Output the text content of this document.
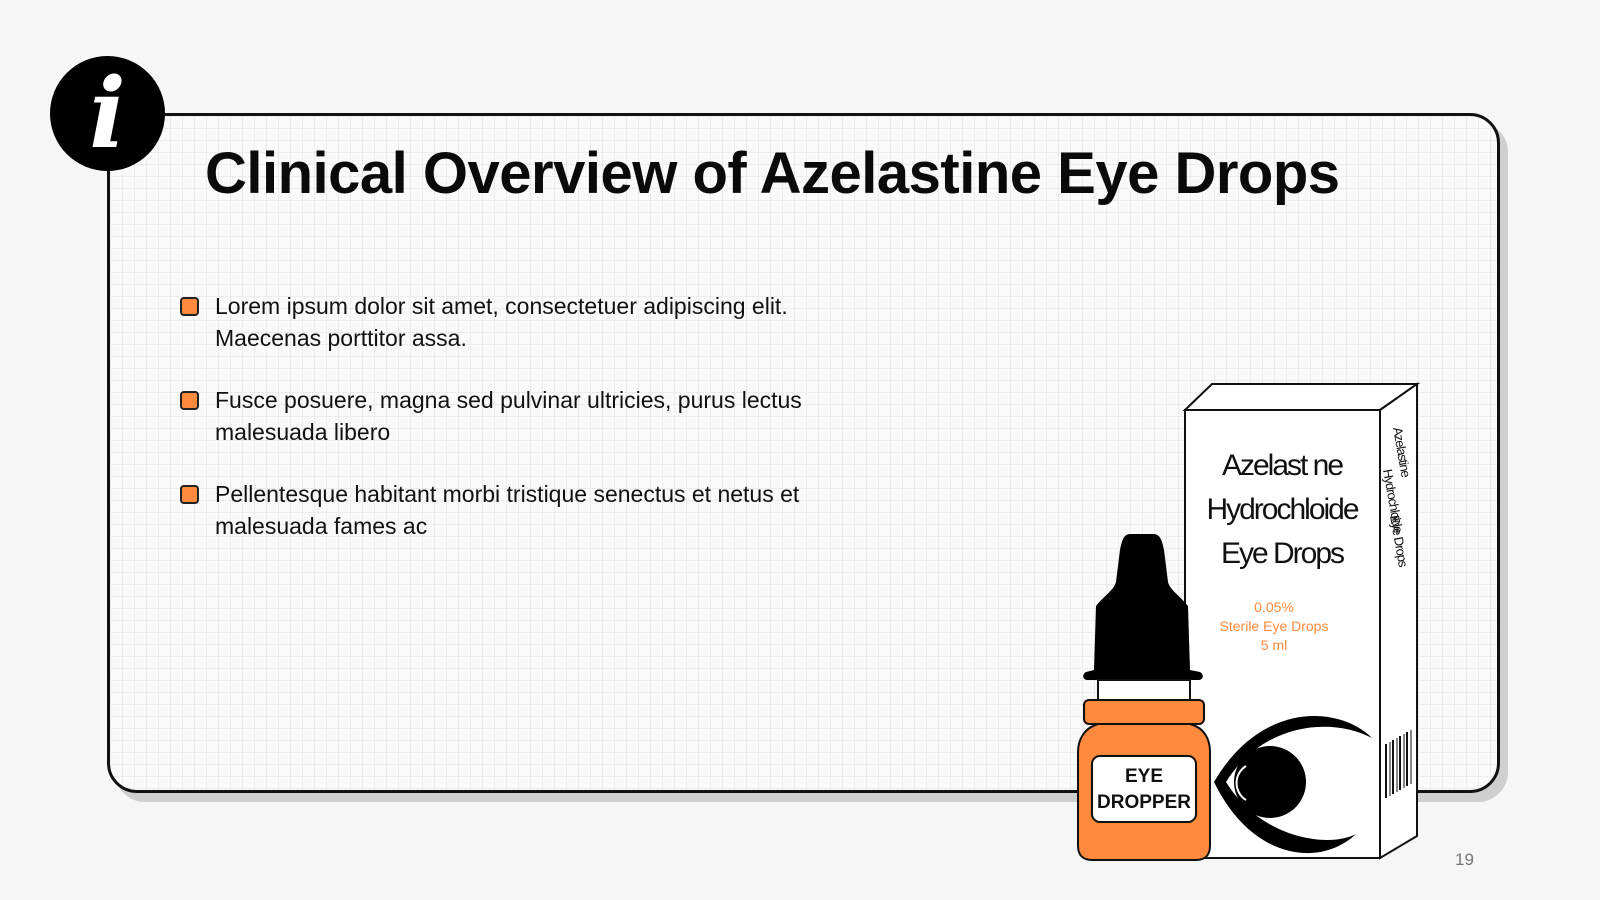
i
Clinical Overview of Azelastine Eye Drops
Lorem ipsum dolor sit amet, consectetuer adipiscing elit. Maecenas porttitor assa.
Fusce posuere, magna sed pulvinar ultricies, purus lectus malesuada libero
Pellentesque habitant morbi tristique senectus et netus et malesuada fames ac
Azelast ne
Hydrochloide
Eye Drops
0.05%
Sterile Eye Drops
5 ml
Azelastine
Hydrochloide
Eye Drops
EYE
DROPPER
19
